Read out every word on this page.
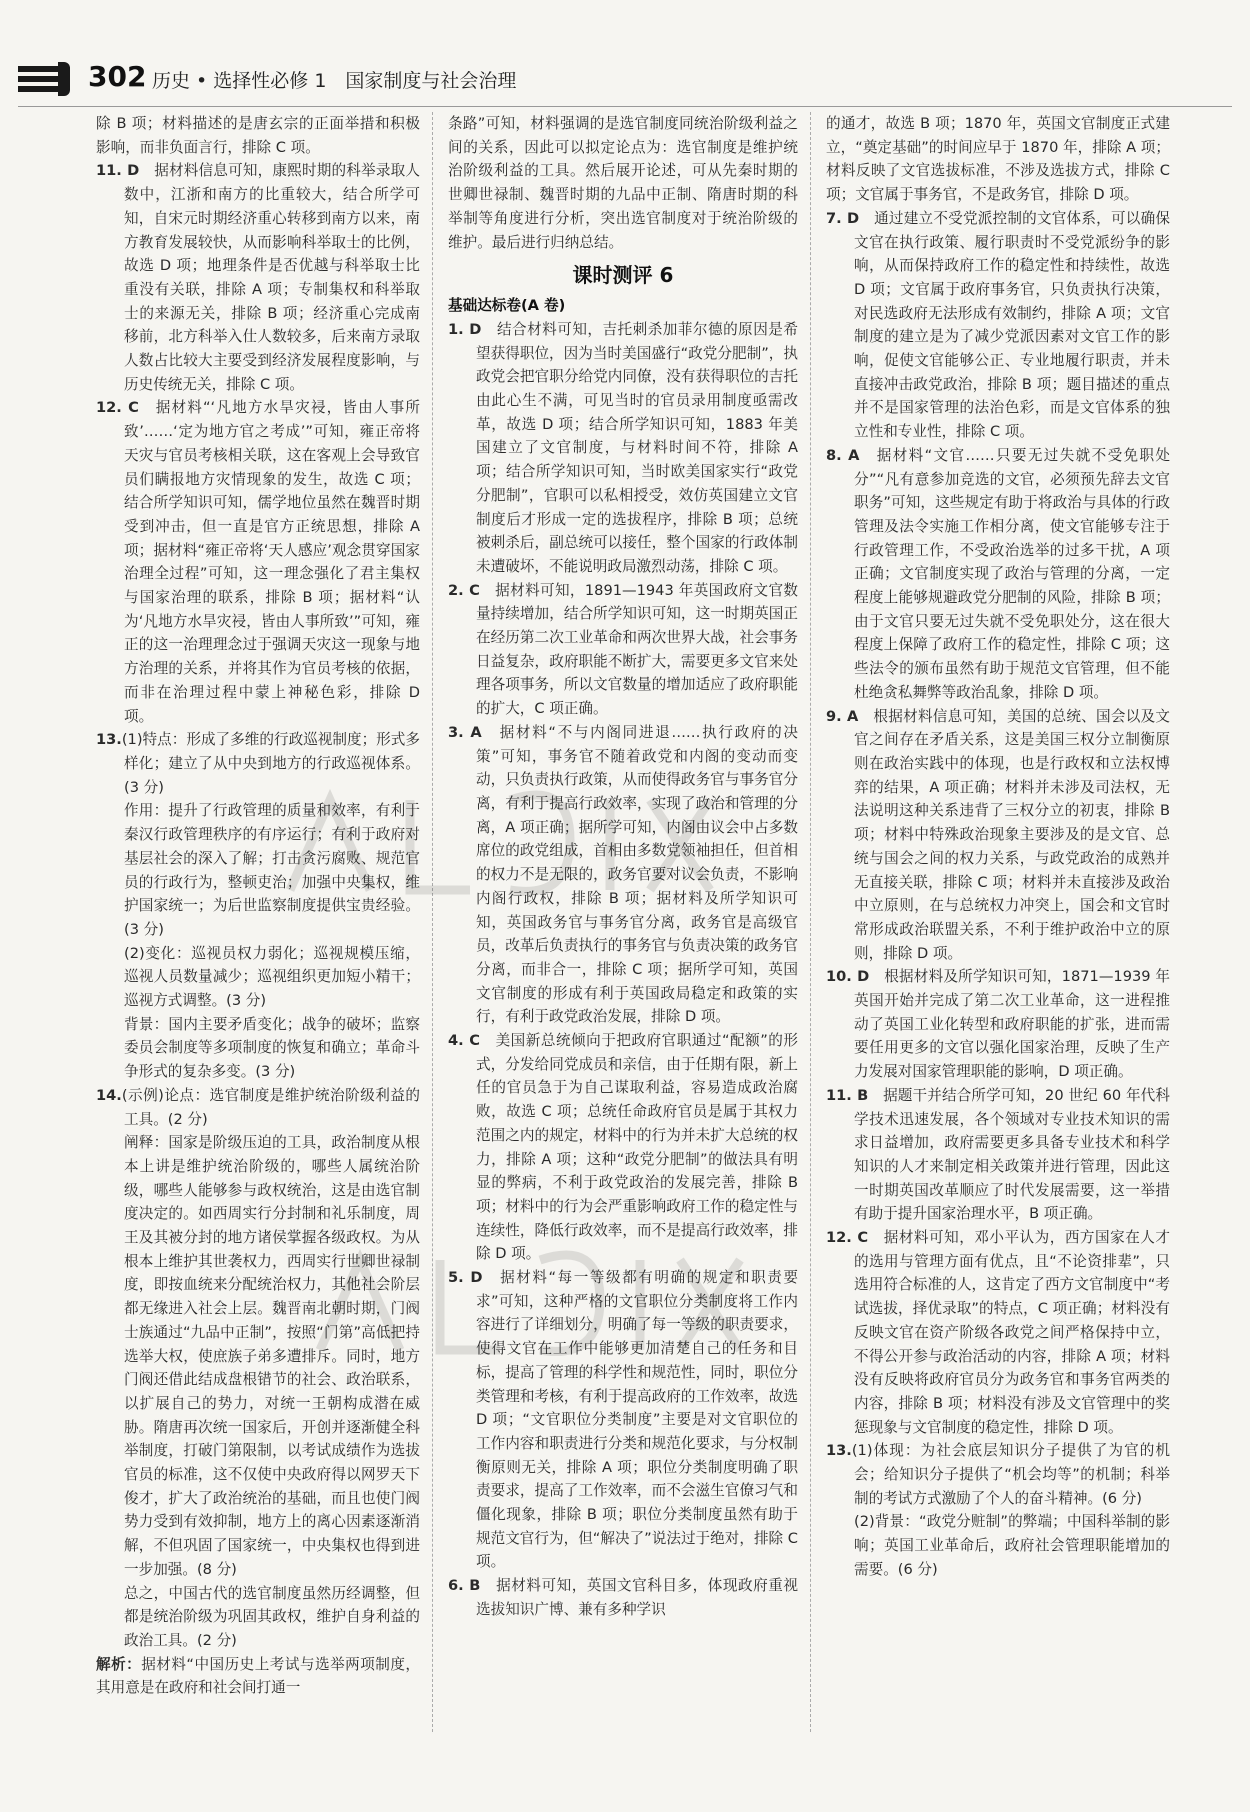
302 历史 • 选择性必修 1　国家制度与社会治理

除 B 项；材料描述的是唐玄宗的正面举措和积极影响，而非负面言行，排除 C 项。

11. D　 据材料信息可知，康熙时期的科举录取人数中，江浙和南方的比重较大，结合所学可知，自宋元时期经济重心转移到南方以来，南方教育发展较快，从而影响科举取士的比例，故选 D 项；地理条件是否优越与科举取士比重没有关联，排除 A 项；专制集权和科举取士的来源无关，排除 B 项；经济重心完成南移前，北方科举入仕人数较多，后来南方录取人数占比较大主要受到经济发展程度影响，与历史传统无关，排除 C 项。

12. C　 据材料“‘凡地方水旱灾祲，皆由人事所致’……‘定为地方官之考成’”可知，雍正帝将天灾与官员考核相关联，这在客观上会导致官员们瞒报地方灾情现象的发生，故选 C 项；结合所学知识可知，儒学地位虽然在魏晋时期受到冲击，但一直是官方正统思想，排除 A 项；据材料“雍正帝将‘天人感应’观念贯穿国家治理全过程”可知，这一理念强化了君主集权与国家治理的联系，排除 B 项；据材料“认为‘凡地方水旱灾祲，皆由人事所致’”可知，雍正的这一治理理念过于强调天灾这一现象与地方治理的关系，并将其作为官员考核的依据，而非在治理过程中蒙上神秘色彩，排除 D 项。

13.(1)特点：形成了多维的行政巡视制度；形式多样化；建立了从中央到地方的行政巡视体系。(3 分)

作用：提升了行政管理的质量和效率，有利于秦汉行政管理秩序的有序运行；有利于政府对基层社会的深入了解；打击贪污腐败、规范官员的行政行为，整顿吏治；加强中央集权，维护国家统一；为后世监察制度提供宝贵经验。(3 分)

(2)变化：巡视员权力弱化；巡视规模压缩，巡视人员数量减少；巡视组织更加短小精干；巡视方式调整。(3 分)

背景：国内主要矛盾变化；战争的破坏；监察委员会制度等多项制度的恢复和确立；革命斗争形式的复杂多变。(3 分)

14.(示例)论点：选官制度是维护统治阶级利益的工具。(2 分)

阐释：国家是阶级压迫的工具，政治制度从根本上讲是维护统治阶级的，哪些人属统治阶级，哪些人能够参与政权统治，这是由选官制度决定的。如西周实行分封制和礼乐制度，周王及其被分封的地方诸侯掌握各级政权。为从根本上维护其世袭权力，西周实行世卿世禄制度，即按血统来分配统治权力，其他社会阶层都无缘进入社会上层。魏晋南北朝时期，门阀士族通过“九品中正制”，按照“门第”高低把持选举大权，使庶族子弟多遭排斥。同时，地方门阀还借此结成盘根错节的社会、政治联系，以扩展自己的势力，对统一王朝构成潜在威胁。隋唐再次统一国家后，开创并逐渐健全科举制度，打破门第限制，以考试成绩作为选拔官员的标准，这不仅使中央政府得以网罗天下俊才，扩大了政治统治的基础，而且也使门阀势力受到有效抑制，地方上的离心因素逐渐消解，不但巩固了国家统一，中央集权也得到进一步加强。(8 分)

总之，中国古代的选官制度虽然历经调整，但都是统治阶级为巩固其政权，维护自身利益的政治工具。(2 分)

解析：据材料“中国历史上考试与选举两项制度，其用意是在政府和社会间打通一

条路”可知，材料强调的是选官制度同统治阶级利益之间的关系，因此可以拟定论点为：选官制度是维护统治阶级利益的工具。然后展开论述，可从先秦时期的世卿世禄制、魏晋时期的九品中正制、隋唐时期的科举制等角度进行分析，突出选官制度对于统治阶级的维护。最后进行归纳总结。

课时测评 6

基础达标卷(A 卷)

1. D　 结合材料可知，吉托刺杀加菲尔德的原因是希望获得职位，因为当时美国盛行“政党分肥制”，执政党会把官职分给党内同僚，没有获得职位的吉托由此心生不满，可见当时的官员录用制度亟需改革，故选 D 项；结合所学知识可知，1883 年美国建立了文官制度，与材料时间不符，排除 A 项；结合所学知识可知，当时欧美国家实行“政党分肥制”，官职可以私相授受，效仿英国建立文官制度后才形成一定的选拔程序，排除 B 项；总统被刺杀后，副总统可以接任，整个国家的行政体制未遭破坏，不能说明政局激烈动荡，排除 C 项。

2. C　 据材料可知，1891—1943 年英国政府文官数量持续增加，结合所学知识可知，这一时期英国正在经历第二次工业革命和两次世界大战，社会事务日益复杂，政府职能不断扩大，需要更多文官来处理各项事务，所以文官数量的增加适应了政府职能的扩大，C 项正确。

3. A　 据材料“不与内阁同进退……执行政府的决策”可知，事务官不随着政党和内阁的变动而变动，只负责执行政策，从而使得政务官与事务官分离，有利于提高行政效率，实现了政治和管理的分离，A 项正确；据所学可知，内阁由议会中占多数席位的政党组成，首相由多数党领袖担任，但首相的权力不是无限的，政务官要对议会负责，不影响内阁行政权，排除 B 项；据材料及所学知识可知，英国政务官与事务官分离，政务官是高级官员，改革后负责执行的事务官与负责决策的政务官分离，而非合一，排除 C 项；据所学可知，英国文官制度的形成有利于英国政局稳定和政策的实行，有利于政党政治发展，排除 D 项。

4. C　 美国新总统倾向于把政府官职通过“配额”的形式，分发给同党成员和亲信，由于任期有限，新上任的官员急于为自己谋取利益，容易造成政治腐败，故选 C 项；总统任命政府官员是属于其权力范围之内的规定，材料中的行为并未扩大总统的权力，排除 A 项；这种“政党分肥制”的做法具有明显的弊病，不利于政党政治的发展完善，排除 B 项；材料中的行为会严重影响政府工作的稳定性与连续性，降低行政效率，而不是提高行政效率，排除 D 项。

5. D　 据材料“每一等级都有明确的规定和职责要求”可知，这种严格的文官职位分类制度将工作内容进行了详细划分，明确了每一等级的职责要求，使得文官在工作中能够更加清楚自己的任务和目标，提高了管理的科学性和规范性，同时，职位分类管理和考核，有利于提高政府的工作效率，故选 D 项；“文官职位分类制度”主要是对文官职位的工作内容和职责进行分类和规范化要求，与分权制衡原则无关，排除 A 项；职位分类制度明确了职责要求，提高了工作效率，而不会滋生官僚习气和僵化现象，排除 B 项；职位分类制度虽然有助于规范文官行为，但“解决了”说法过于绝对，排除 C 项。

6. B　 据材料可知，英国文官科目多，体现政府重视选拔知识广博、兼有多种学识

的通才，故选 B 项；1870 年，英国文官制度正式建立，“奠定基础”的时间应早于 1870 年，排除 A 项；材料反映了文官选拔标准，不涉及选拔方式，排除 C 项；文官属于事务官，不是政务官，排除 D 项。

7. D　 通过建立不受党派控制的文官体系，可以确保文官在执行政策、履行职责时不受党派纷争的影响，从而保持政府工作的稳定性和持续性，故选 D 项；文官属于政府事务官，只负责执行决策，对民选政府无法形成有效制约，排除 A 项；文官制度的建立是为了减少党派因素对文官工作的影响，促使文官能够公正、专业地履行职责，并未直接冲击政党政治，排除 B 项；题目描述的重点并不是国家管理的法治色彩，而是文官体系的独立性和专业性，排除 C 项。

8. A　 据材料“文官……只要无过失就不受免职处分”“凡有意参加竞选的文官，必须预先辞去文官职务”可知，这些规定有助于将政治与具体的行政管理及法令实施工作相分离，使文官能够专注于行政管理工作，不受政治选举的过多干扰，A 项正确；文官制度实现了政治与管理的分离，一定程度上能够规避政党分肥制的风险，排除 B 项；由于文官只要无过失就不受免职处分，这在很大程度上保障了政府工作的稳定性，排除 C 项；这些法令的颁布虽然有助于规范文官管理，但不能杜绝贪私舞弊等政治乱象，排除 D 项。

9. A　 根据材料信息可知，美国的总统、国会以及文官之间存在矛盾关系，这是美国三权分立制衡原则在政治实践中的体现，也是行政权和立法权博弈的结果，A 项正确；材料并未涉及司法权，无法说明这种关系违背了三权分立的初衷，排除 B 项；材料中特殊政治现象主要涉及的是文官、总统与国会之间的权力关系，与政党政治的成熟并无直接关联，排除 C 项；材料并未直接涉及政治中立原则，在与总统权力冲突上，国会和文官时常形成政治联盟关系，不利于维护政治中立的原则，排除 D 项。

10. D　 根据材料及所学知识可知，1871—1939 年英国开始并完成了第二次工业革命，这一进程推动了英国工业化转型和政府职能的扩张，进而需要任用更多的文官以强化国家治理，反映了生产力发展对国家管理职能的影响，D 项正确。

11. B　 据题干并结合所学可知，20 世纪 60 年代科学技术迅速发展，各个领域对专业技术知识的需求日益增加，政府需要更多具备专业技术和科学知识的人才来制定相关政策并进行管理，因此这一时期英国改革顺应了时代发展需要，这一举措有助于提升国家治理水平，B 项正确。

12. C　 据材料可知，邓小平认为，西方国家在人才的选用与管理方面有优点，且“不论资排辈”，只选用符合标准的人，这肯定了西方文官制度中“考试选拔，择优录取”的特点，C 项正确；材料没有反映文官在资产阶级各政党之间严格保持中立，不得公开参与政治活动的内容，排除 A 项；材料没有反映将政府官员分为政务官和事务官两类的内容，排除 B 项；材料没有涉及文官管理中的奖惩现象与文官制度的稳定性，排除 D 项。

13.(1)体现：为社会底层知识分子提供了为官的机会；给知识分子提供了“机会均等”的机制；科举制的考试方式激励了个人的奋斗精神。(6 分)

(2)背景：“政党分赃制”的弊端；中国科举制的影响；英国工业革命后，政府社会管理职能增加的需要。(6 分)
